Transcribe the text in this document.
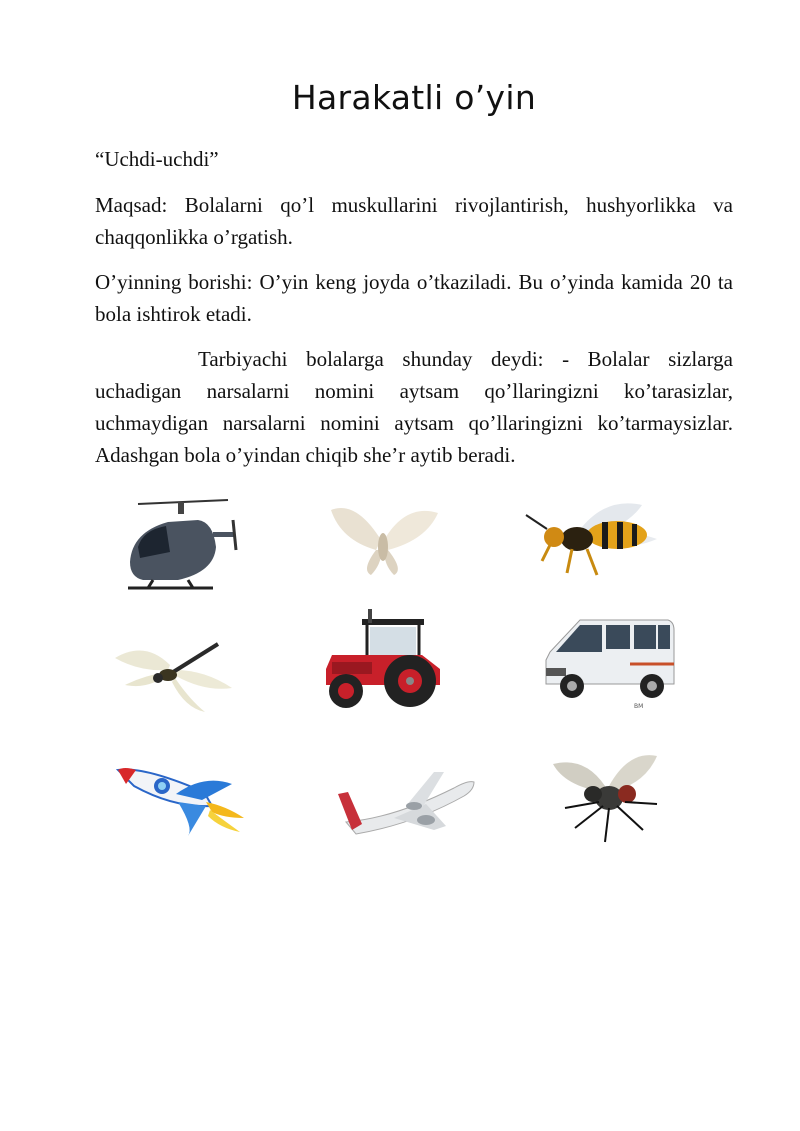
Harakatli o’yin
“Uchdi-uchdi”
Maqsad: Bolalarni qo’l muskullarini rivojlantirish, hushyorlikka va chaqqonlikka o’rgatish.
O’yinning borishi: O’yin keng joyda o’tkaziladi. Bu o’yinda kamida 20 ta bola ishtirok etadi.
Tarbiyachi bolalarga shunday deydi: - Bolalar sizlarga uchadigan narsalarni nomini aytsam qo’llaringizni ko’tarasizlar, uchmaydigan narsalarni nomini aytsam qo’llaringizni ko’tarmaysizlar. Adashgan bola o’yindan chiqib she’r aytib beradi.
ВМ
